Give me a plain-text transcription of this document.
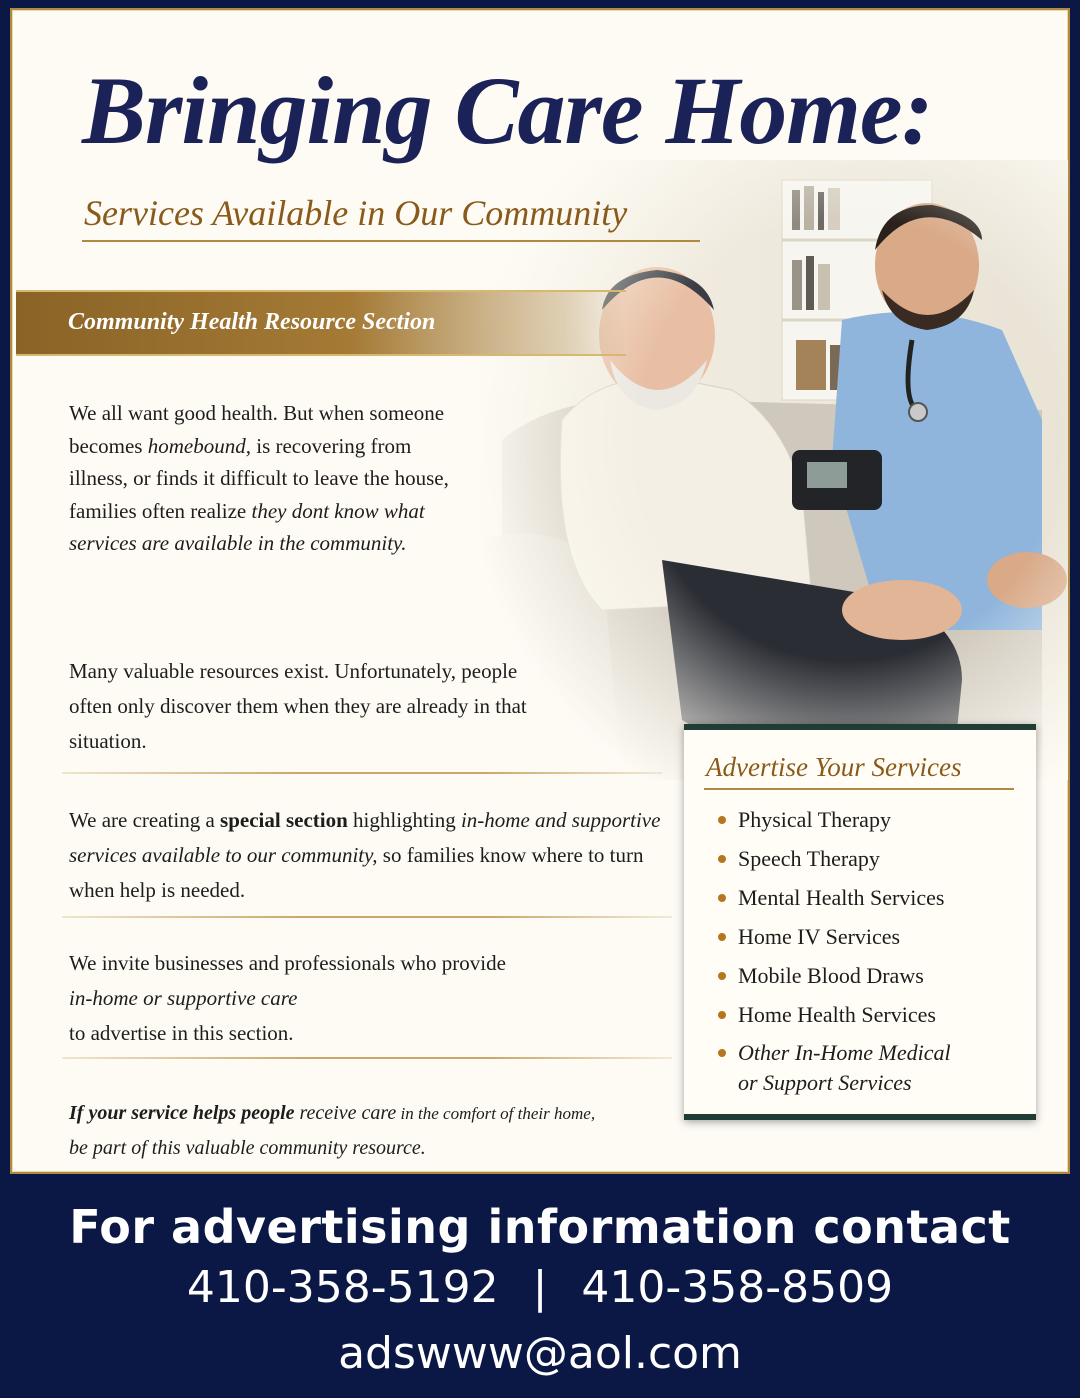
Bringing Care Home:
Services Available in Our Community
Community Health Resource Section

We all want good health. But when someone becomes homebound, is recovering from illness, or finds it difficult to leave the house, families often realize they dont know what services are available in the community.

Many valuable resources exist. Unfortunately, people often only discover them when they are already in that situation.

We are creating a special section highlighting in-home and supportive services available to our community, so families know where to turn when help is needed.

We invite businesses and professionals who provide
in-home or supportive care
to advertise in this section.

If your service helps people receive care in the comfort of their home,
be part of this valuable community resource.

Advertise Your Services
Physical Therapy
Speech Therapy
Mental Health Services
Home IV Services
Mobile Blood Draws
Home Health Services
Other In-Home Medical
or Support Services
For advertising information contact
410-358-5192 | 410-358-8509
adswww@aol.com
